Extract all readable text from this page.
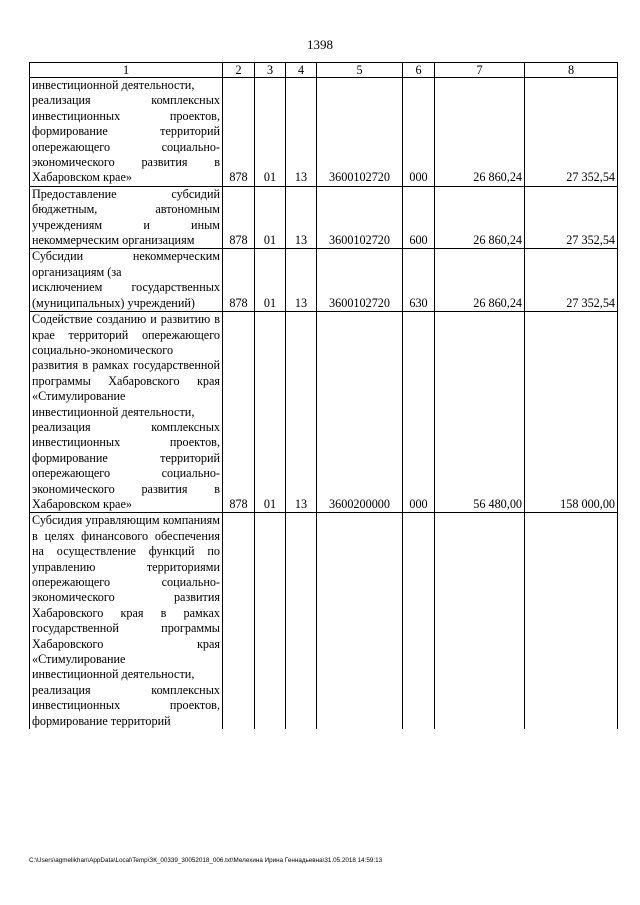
1398
1	2	3	4	5	6	7	8
инвестиционной деятельности,
реализация комплексных инвестиционных проектов, формирование территорий опережающего социально-экономического развития в Хабаровском крае»	878	01	13	3600102720	000	26 860,24	27 352,54
Предоставление субсидий бюджетным, автономным учреждениям и иным некоммерческим организациям	878	01	13	3600102720	600	26 860,24	27 352,54
Субсидии некоммерческим организациям (за
исключением государственных (муниципальных) учреждений)	878	01	13	3600102720	630	26 860,24	27 352,54
Содействие созданию и развитию в крае территорий опережающего социально-экономического развития в рамках государственной программы Хабаровского края «Стимулирование
инвестиционной деятельности,
реализация комплексных инвестиционных проектов, формирование территорий опережающего социально-экономического развития в Хабаровском крае»	878	01	13	3600200000	000	56 480,00	158 000,00
Субсидия управляющим компаниям в целях финансового обеспечения на осуществление функций по управлению территориями опережающего социально-экономического развития Хабаровского края в рамках государственной программы Хабаровского края «Стимулирование
инвестиционной деятельности,
реализация комплексных инвестиционных проектов, формирование территорий							
C:\Users\agmelikhan\AppData\Local\Temp\ЗК_00339_30052018_006.txt\Мелехина Ирина Геннадьевна\31.05.2018 14:59:13
